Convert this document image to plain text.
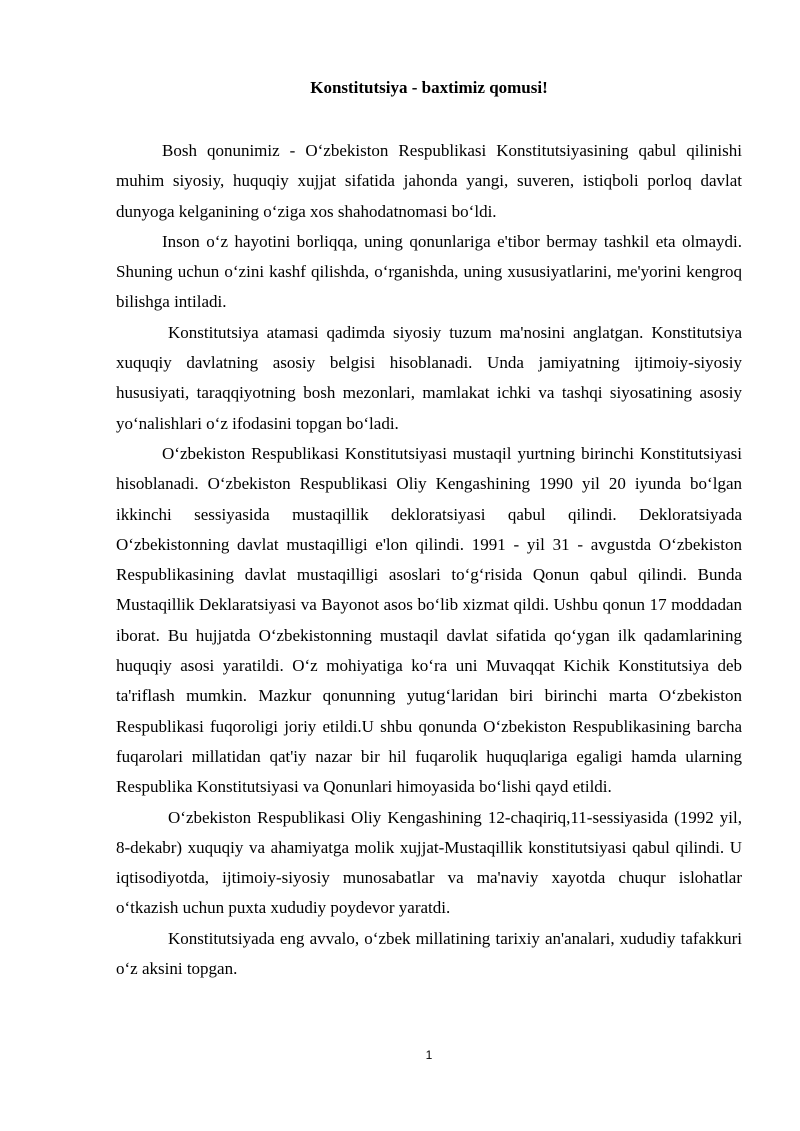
Konstitutsiya - baxtimiz qomusi!

Bosh qonunimiz - O‘zbekiston Respublikasi Konstitutsiyasining qabul qilinishi muhim siyosiy, huquqiy xujjat sifatida jahonda yangi, suveren, istiqboli porloq davlat dunyoga kelganining o‘ziga xos shahodatnomasi bo‘ldi.

Inson o‘z hayotini borliqqa, uning qonunlariga e'tibor bermay tashkil eta olmaydi. Shuning uchun o‘zini kashf qilishda, o‘rganishda, uning xususiyatlarini, me'yorini kengroq bilishga intiladi.

Konstitutsiya atamasi qadimda siyosiy tuzum ma'nosini anglatgan. Konstitutsiya xuquqiy davlatning asosiy belgisi hisoblanadi. Unda jamiyatning ijtimoiy-siyosiy hususiyati, taraqqiyotning bosh mezonlari, mamlakat ichki va tashqi siyosatining asosiy yo‘nalishlari o‘z ifodasini topgan bo‘ladi.

O‘zbekiston Respublikasi Konstitutsiyasi mustaqil yurtning birinchi Konstitutsiyasi hisoblanadi. O‘zbekiston Respublikasi Oliy Kengashining 1990 yil 20 iyunda bo‘lgan ikkinchi sessiyasida mustaqillik dekloratsiyasi qabul qilindi. Dekloratsiyada O‘zbekistonning davlat mustaqilligi e'lon qilindi. 1991 - yil 31 - avgustda O‘zbekiston Respublikasining davlat mustaqilligi asoslari to‘g‘risida Qonun qabul qilindi. Bunda Mustaqillik Deklaratsiyasi va Bayonot asos bo‘lib xizmat qildi. Ushbu qonun 17 moddadan iborat. Bu hujjatda O‘zbekistonning mustaqil davlat sifatida qo‘ygan ilk qadamlarining huquqiy asosi yaratildi. O‘z mohiyatiga ko‘ra uni Muvaqqat Kichik Konstitutsiya deb ta'riflash mumkin. Mazkur qonunning yutug‘laridan biri birinchi marta O‘zbekiston Respublikasi fuqoroligi joriy etildi.U shbu qonunda O‘zbekiston Respublikasining barcha fuqarolari millatidan qat'iy nazar bir hil fuqarolik huquqlariga egaligi hamda ularning Respublika Konstitutsiyasi va Qonunlari himoyasida bo‘lishi qayd etildi.

O‘zbekiston Respublikasi Oliy Kengashining 12-chaqiriq,11-sessiyasida (1992 yil, 8-dekabr) xuquqiy va ahamiyatga molik xujjat-Mustaqillik konstitutsiyasi qabul qilindi. U iqtisodiyotda, ijtimoiy-siyosiy munosabatlar va ma'naviy xayotda chuqur islohatlar o‘tkazish uchun puxta xududiy poydevor yaratdi.

Konstitutsiyada eng avvalo, o‘zbek millatining tarixiy an'analari, xududiy tafakkuri o‘z aksini topgan.

1
